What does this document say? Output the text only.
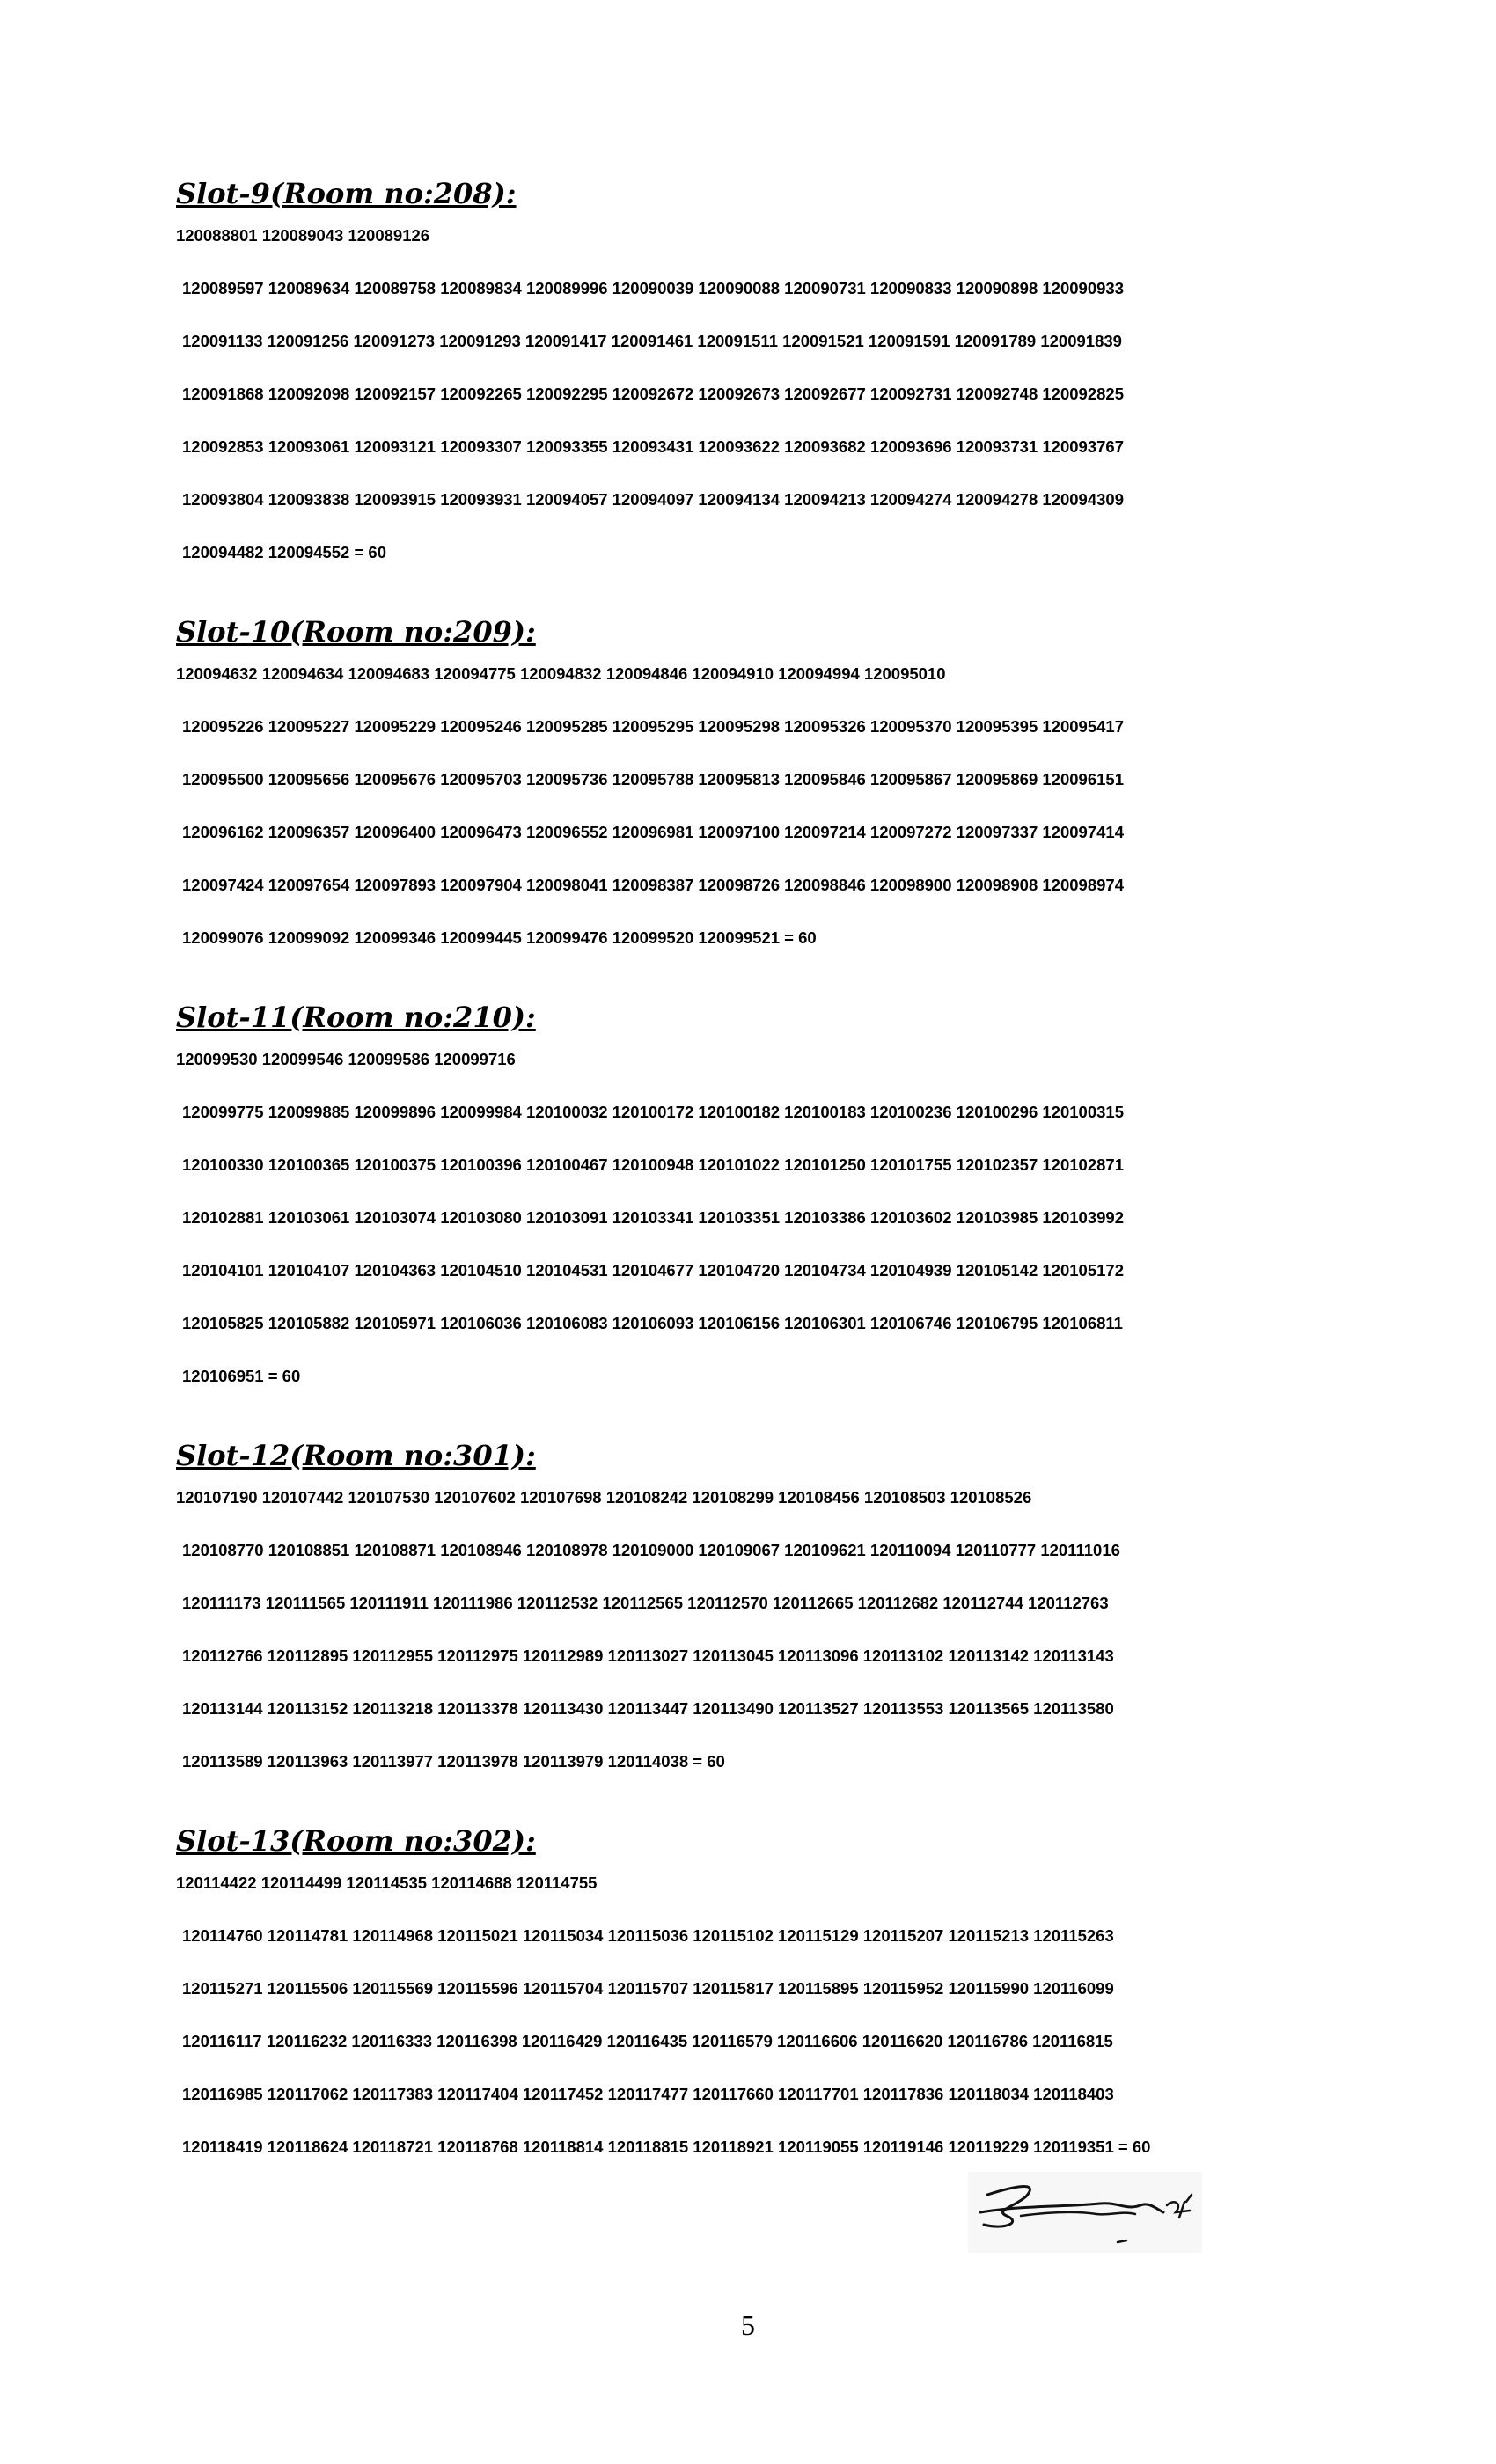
Slot-9(Room no:208):
120088801 120089043 120089126
120089597 120089634 120089758 120089834 120089996 120090039 120090088 120090731 120090833 120090898 120090933
120091133 120091256 120091273 120091293 120091417 120091461 120091511 120091521 120091591 120091789 120091839
120091868 120092098 120092157 120092265 120092295 120092672 120092673 120092677 120092731 120092748 120092825
120092853 120093061 120093121 120093307 120093355 120093431 120093622 120093682 120093696 120093731 120093767
120093804 120093838 120093915 120093931 120094057 120094097 120094134 120094213 120094274 120094278 120094309
120094482 120094552 = 60
Slot-10(Room no:209):
120094632 120094634 120094683 120094775 120094832 120094846 120094910 120094994 120095010
120095226 120095227 120095229 120095246 120095285 120095295 120095298 120095326 120095370 120095395 120095417
120095500 120095656 120095676 120095703 120095736 120095788 120095813 120095846 120095867 120095869 120096151
120096162 120096357 120096400 120096473 120096552 120096981 120097100 120097214 120097272 120097337 120097414
120097424 120097654 120097893 120097904 120098041 120098387 120098726 120098846 120098900 120098908 120098974
120099076 120099092 120099346 120099445 120099476 120099520 120099521 = 60
Slot-11(Room no:210):
120099530 120099546 120099586 120099716
120099775 120099885 120099896 120099984 120100032 120100172 120100182 120100183 120100236 120100296 120100315
120100330 120100365 120100375 120100396 120100467 120100948 120101022 120101250 120101755 120102357 120102871
120102881 120103061 120103074 120103080 120103091 120103341 120103351 120103386 120103602 120103985 120103992
120104101 120104107 120104363 120104510 120104531 120104677 120104720 120104734 120104939 120105142 120105172
120105825 120105882 120105971 120106036 120106083 120106093 120106156 120106301 120106746 120106795 120106811
120106951 = 60
Slot-12(Room no:301):
120107190 120107442 120107530 120107602 120107698 120108242 120108299 120108456 120108503 120108526
120108770 120108851 120108871 120108946 120108978 120109000 120109067 120109621 120110094 120110777 120111016
120111173 120111565 120111911 120111986 120112532 120112565 120112570 120112665 120112682 120112744 120112763
120112766 120112895 120112955 120112975 120112989 120113027 120113045 120113096 120113102 120113142 120113143
120113144 120113152 120113218 120113378 120113430 120113447 120113490 120113527 120113553 120113565 120113580
120113589 120113963 120113977 120113978 120113979 120114038 = 60
Slot-13(Room no:302):
120114422 120114499 120114535 120114688 120114755
120114760 120114781 120114968 120115021 120115034 120115036 120115102 120115129 120115207 120115213 120115263
120115271 120115506 120115569 120115596 120115704 120115707 120115817 120115895 120115952 120115990 120116099
120116117 120116232 120116333 120116398 120116429 120116435 120116579 120116606 120116620 120116786 120116815
120116985 120117062 120117383 120117404 120117452 120117477 120117660 120117701 120117836 120118034 120118403
120118419 120118624 120118721 120118768 120118814 120118815 120118921 120119055 120119146 120119229 120119351 = 60
5
